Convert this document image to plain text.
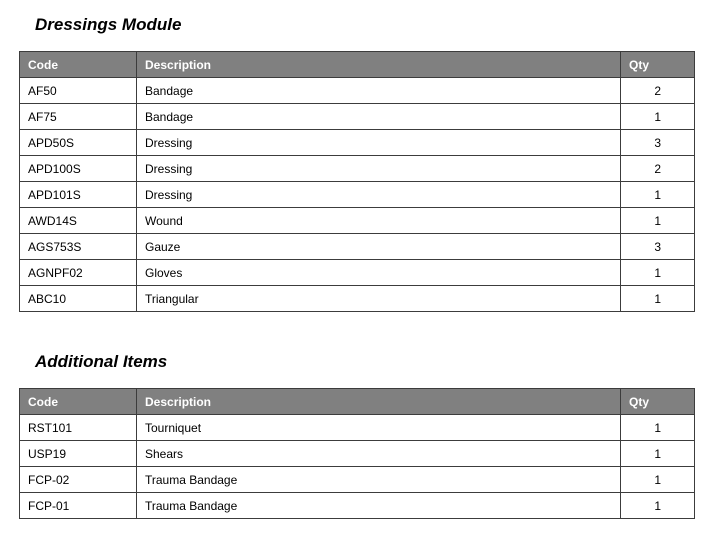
Dressings Module
Code	Description	Qty
AF50	Bandage	2
AF75	Bandage	1
APD50S	Dressing	3
APD100S	Dressing	2
APD101S	Dressing	1
AWD14S	Wound	1
AGS753S	Gauze	3
AGNPF02	Gloves	1
ABC10	Triangular	1
Additional Items
Code	Description	Qty
RST101	Tourniquet	1
USP19	Shears	1
FCP-02	Trauma Bandage	1
FCP-01	Trauma Bandage	1
